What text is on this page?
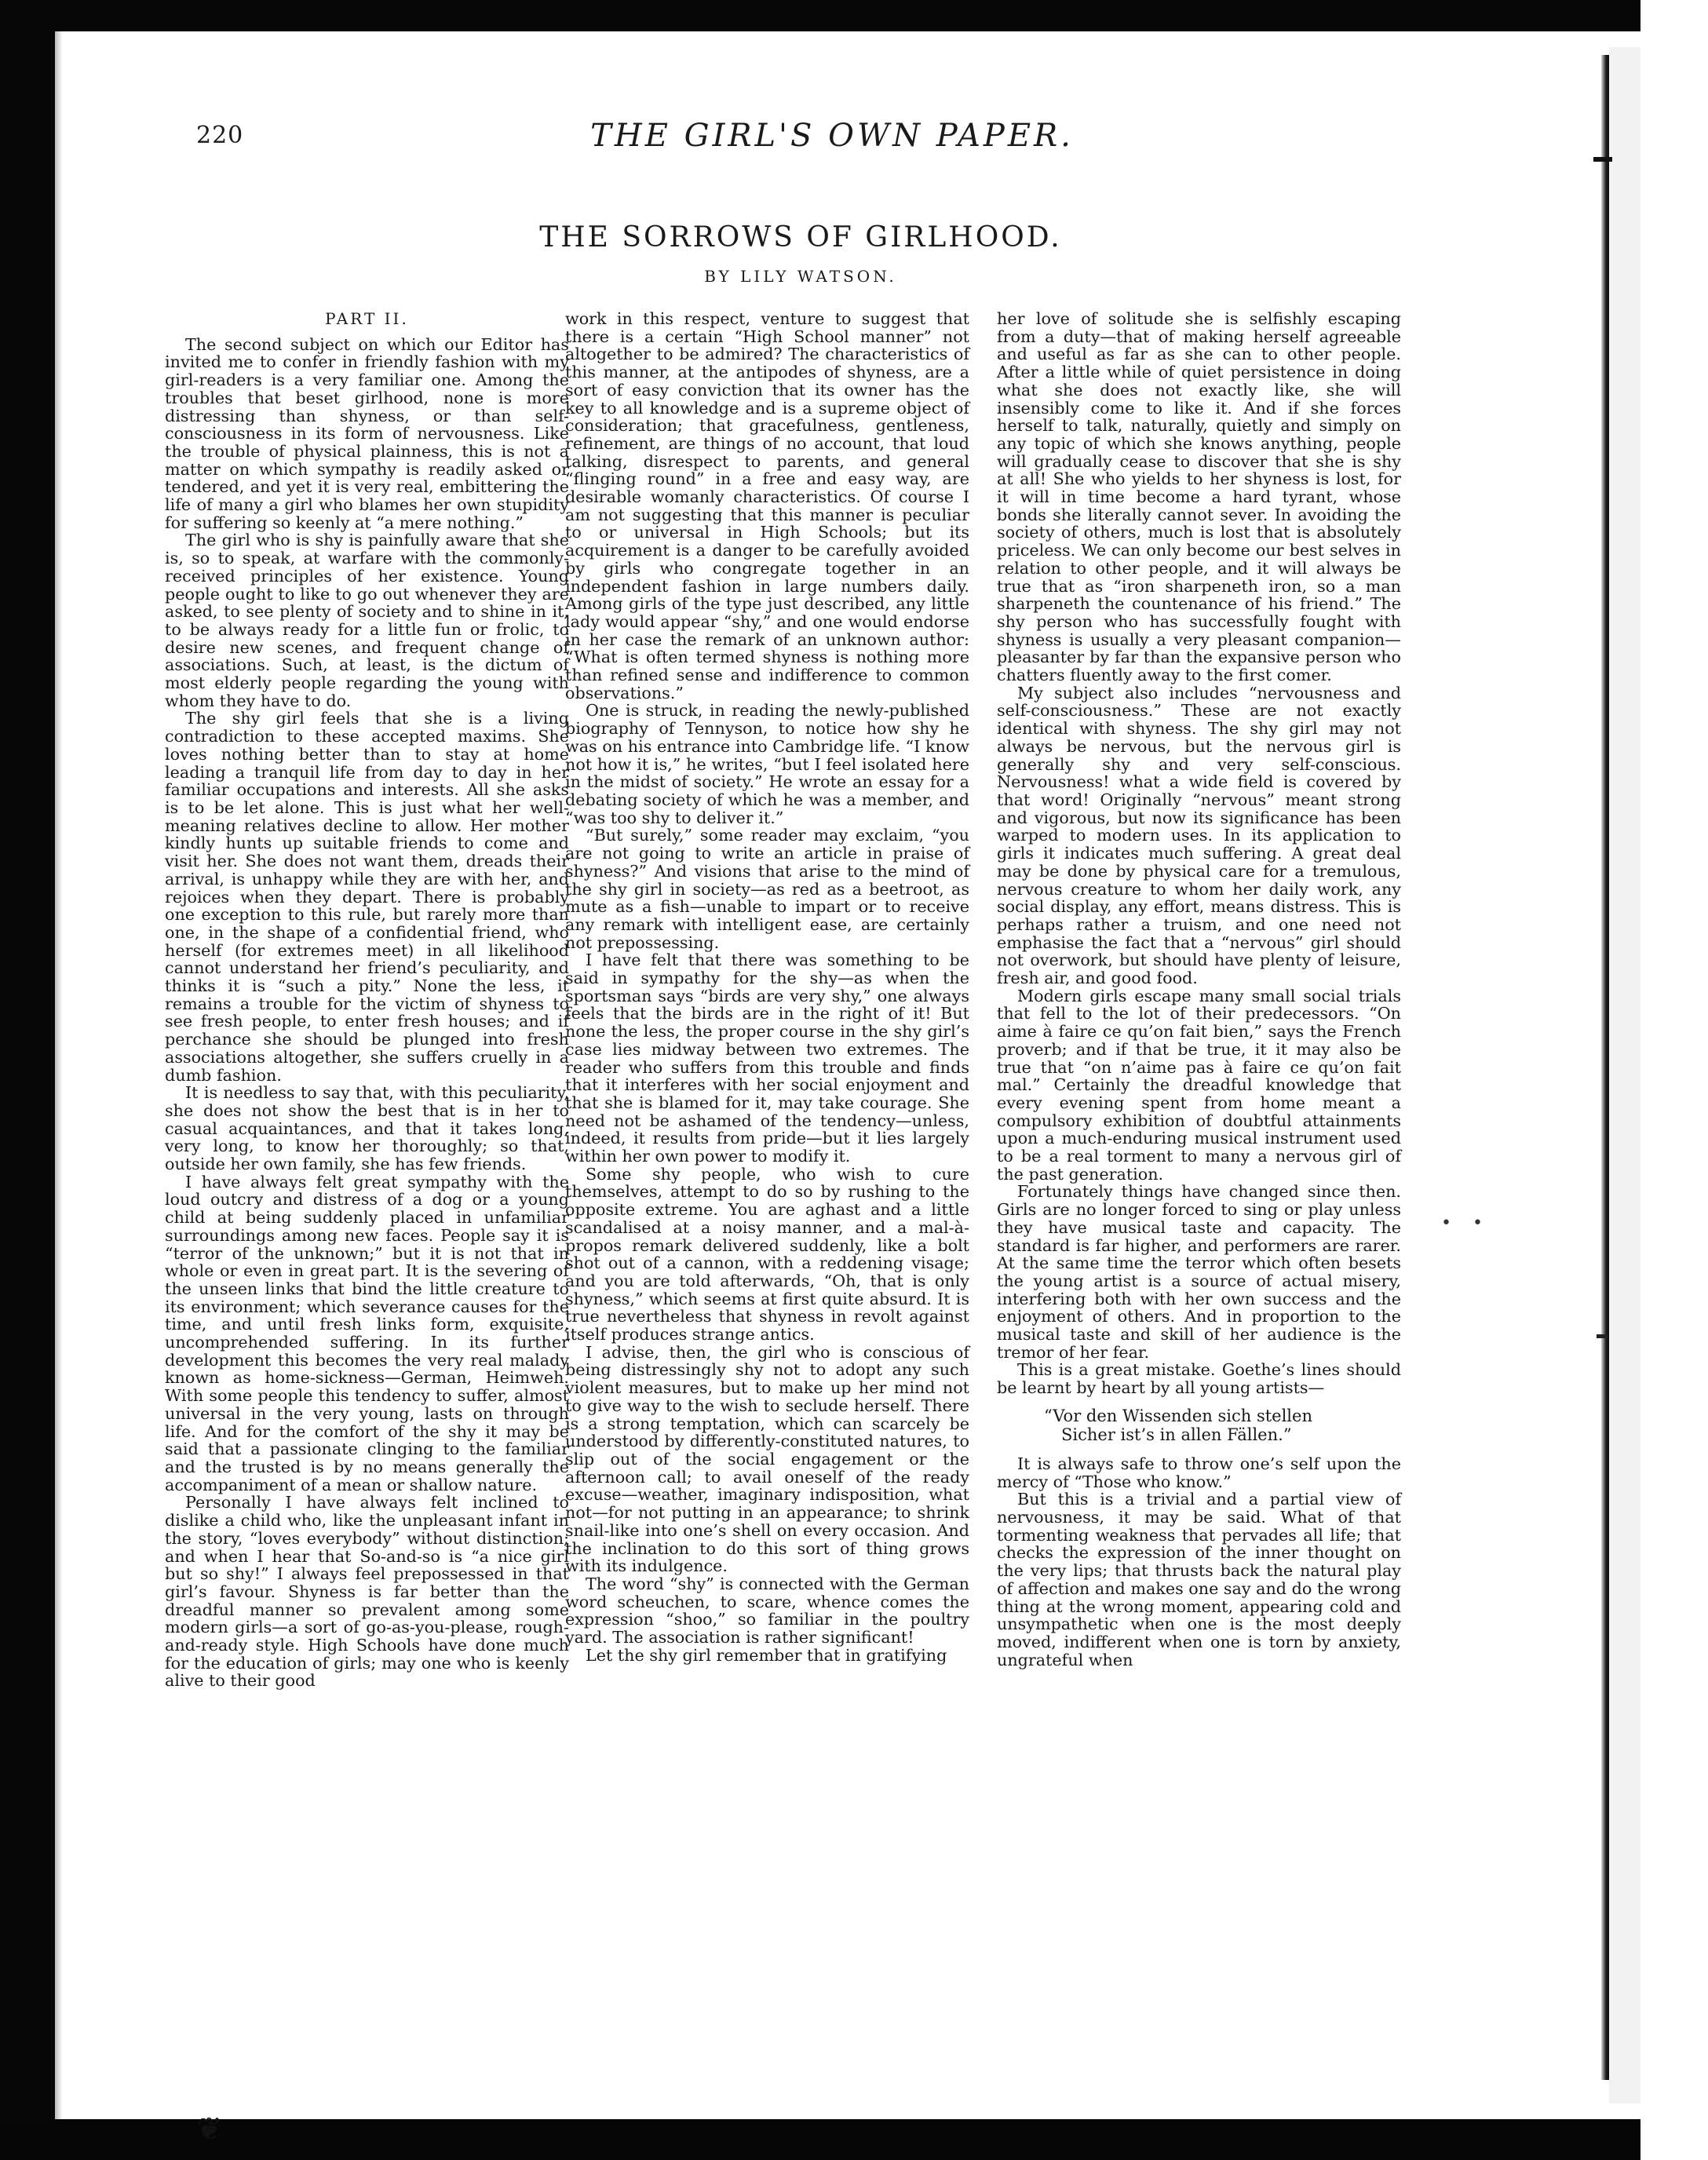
• •
❦
220	THE GIRL'S OWN PAPER.
THE SORROWS OF GIRLHOOD.
BY LILY WATSON.
PART II.

The second subject on which our Editor has invited me to confer in friendly fashion with my girl-readers is a very familiar one. Among the troubles that beset girlhood, none is more distressing than shyness, or than self-consciousness in its form of nervousness. Like the trouble of physical plainness, this is not a matter on which sympathy is readily asked or tendered, and yet it is very real, embittering the life of many a girl who blames her own stupidity for suffering so keenly at “a mere nothing.”

The girl who is shy is painfully aware that she is, so to speak, at warfare with the commonly-received principles of her existence. Young people ought to like to go out whenever they are asked, to see plenty of society and to shine in it, to be always ready for a little fun or frolic, to desire new scenes, and frequent change of associations. Such, at least, is the dictum of most elderly people regarding the young with whom they have to do.

The shy girl feels that she is a living contradiction to these accepted maxims. She loves nothing better than to stay at home leading a tranquil life from day to day in her familiar occupations and interests. All she asks is to be let alone. This is just what her well-meaning relatives decline to allow. Her mother kindly hunts up suitable friends to come and visit her. She does not want them, dreads their arrival, is unhappy while they are with her, and rejoices when they depart. There is probably one exception to this rule, but rarely more than one, in the shape of a confidential friend, who herself (for extremes meet) in all likelihood cannot understand her friend’s peculiarity, and thinks it is “such a pity.” None the less, it remains a trouble for the victim of shyness to see fresh people, to enter fresh houses; and if perchance she should be plunged into fresh associations altogether, she suffers cruelly in a dumb fashion.

It is needless to say that, with this peculiarity, she does not show the best that is in her to casual acquaintances, and that it takes long, very long, to know her thoroughly; so that, outside her own family, she has few friends.

I have always felt great sympathy with the loud outcry and distress of a dog or a young child at being suddenly placed in unfamiliar surroundings among new faces. People say it is “terror of the unknown;” but it is not that in whole or even in great part. It is the severing of the unseen links that bind the little creature to its environment; which severance causes for the time, and until fresh links form, exquisite, uncomprehended suffering. In its further development this becomes the very real malady known as home-sickness—German, Heimweh. With some people this tendency to suffer, almost universal in the very young, lasts on through life. And for the comfort of the shy it may be said that a passionate clinging to the familiar and the trusted is by no means generally the accompaniment of a mean or shallow nature.

Personally I have always felt inclined to dislike a child who, like the unpleasant infant in the story, “loves everybody” without distinction; and when I hear that So-and-so is “a nice girl but so shy!” I always feel prepossessed in that girl’s favour. Shyness is far better than the dreadful manner so prevalent among some modern girls—a sort of go-as-you-please, rough-and-ready style. High Schools have done much for the education of girls; may one who is keenly alive to their good

work in this respect, venture to suggest that there is a certain “High School manner” not altogether to be admired? The characteristics of this manner, at the antipodes of shyness, are a sort of easy conviction that its owner has the key to all knowledge and is a supreme object of consideration; that gracefulness, gentleness, refinement, are things of no account, that loud talking, disrespect to parents, and general “flinging round” in a free and easy way, are desirable womanly characteristics. Of course I am not suggesting that this manner is peculiar to or universal in High Schools; but its acquirement is a danger to be carefully avoided by girls who congregate together in an independent fashion in large numbers daily. Among girls of the type just described, any little lady would appear “shy,” and one would endorse in her case the remark of an unknown author: “What is often termed shyness is nothing more than refined sense and indifference to common observations.”

One is struck, in reading the newly-published biography of Tennyson, to notice how shy he was on his entrance into Cambridge life. “I know not how it is,” he writes, “but I feel isolated here in the midst of society.” He wrote an essay for a debating society of which he was a member, and “was too shy to deliver it.”

“But surely,” some reader may exclaim, “you are not going to write an article in praise of shyness?” And visions that arise to the mind of the shy girl in society—as red as a beetroot, as mute as a fish—unable to impart or to receive any remark with intelligent ease, are certainly not prepossessing.

I have felt that there was something to be said in sympathy for the shy—as when the sportsman says “birds are very shy,” one always feels that the birds are in the right of it! But none the less, the proper course in the shy girl’s case lies midway between two extremes. The reader who suffers from this trouble and finds that it interferes with her social enjoyment and that she is blamed for it, may take courage. She need not be ashamed of the tendency—unless, indeed, it results from pride—but it lies largely within her own power to modify it.

Some shy people, who wish to cure themselves, attempt to do so by rushing to the opposite extreme. You are aghast and a little scandalised at a noisy manner, and a mal-à-propos remark delivered suddenly, like a bolt shot out of a cannon, with a reddening visage; and you are told afterwards, “Oh, that is only shyness,” which seems at first quite absurd. It is true nevertheless that shyness in revolt against itself produces strange antics.

I advise, then, the girl who is conscious of being distressingly shy not to adopt any such violent measures, but to make up her mind not to give way to the wish to seclude herself. There is a strong temptation, which can scarcely be understood by differently-constituted natures, to slip out of the social engagement or the afternoon call; to avail oneself of the ready excuse—weather, imaginary indisposition, what not—for not putting in an appearance; to shrink snail-like into one’s shell on every occasion. And the inclination to do this sort of thing grows with its indulgence.

The word “shy” is connected with the German word scheuchen, to scare, whence comes the expression “shoo,” so familiar in the poultry yard. The association is rather significant!

Let the shy girl remember that in gratifying

her love of solitude she is selfishly escaping from a duty—that of making herself agreeable and useful as far as she can to other people. After a little while of quiet persistence in doing what she does not exactly like, she will insensibly come to like it. And if she forces herself to talk, naturally, quietly and simply on any topic of which she knows anything, people will gradually cease to discover that she is shy at all! She who yields to her shyness is lost, for it will in time become a hard tyrant, whose bonds she literally cannot sever. In avoiding the society of others, much is lost that is absolutely priceless. We can only become our best selves in relation to other people, and it will always be true that as “iron sharpeneth iron, so a man sharpeneth the countenance of his friend.” The shy person who has successfully fought with shyness is usually a very pleasant companion—pleasanter by far than the expansive person who chatters fluently away to the first comer.

My subject also includes “nervousness and self-consciousness.” These are not exactly identical with shyness. The shy girl may not always be nervous, but the nervous girl is generally shy and very self-conscious. Nervousness! what a wide field is covered by that word! Originally “nervous” meant strong and vigorous, but now its significance has been warped to modern uses. In its application to girls it indicates much suffering. A great deal may be done by physical care for a tremulous, nervous creature to whom her daily work, any social display, any effort, means distress. This is perhaps rather a truism, and one need not emphasise the fact that a “nervous” girl should not overwork, but should have plenty of leisure, fresh air, and good food.

Modern girls escape many small social trials that fell to the lot of their predecessors. “On aime à faire ce qu’on fait bien,” says the French proverb; and if that be true, it it may also be true that “on n’aime pas à faire ce qu’on fait mal.” Certainly the dreadful knowledge that every evening spent from home meant a compulsory exhibition of doubtful attainments upon a much-enduring musical instrument used to be a real torment to many a nervous girl of the past generation.

Fortunately things have changed since then. Girls are no longer forced to sing or play unless they have musical taste and capacity. The standard is far higher, and performers are rarer. At the same time the terror which often besets the young artist is a source of actual misery, interfering both with her own success and the enjoyment of others. And in proportion to the musical taste and skill of her audience is the tremor of her fear.

This is a great mistake. Goethe’s lines should be learnt by heart by all young artists—

“Vor den Wissenden sich stellen
Sicher ist’s in allen Fällen.”

It is always safe to throw one’s self upon the mercy of “Those who know.”

But this is a trivial and a partial view of nervousness, it may be said. What of that tormenting weakness that pervades all life; that checks the expression of the inner thought on the very lips; that thrusts back the natural play of affection and makes one say and do the wrong thing at the wrong moment, appearing cold and unsympathetic when one is the most deeply moved, indifferent when one is torn by anxiety, ungrateful when
